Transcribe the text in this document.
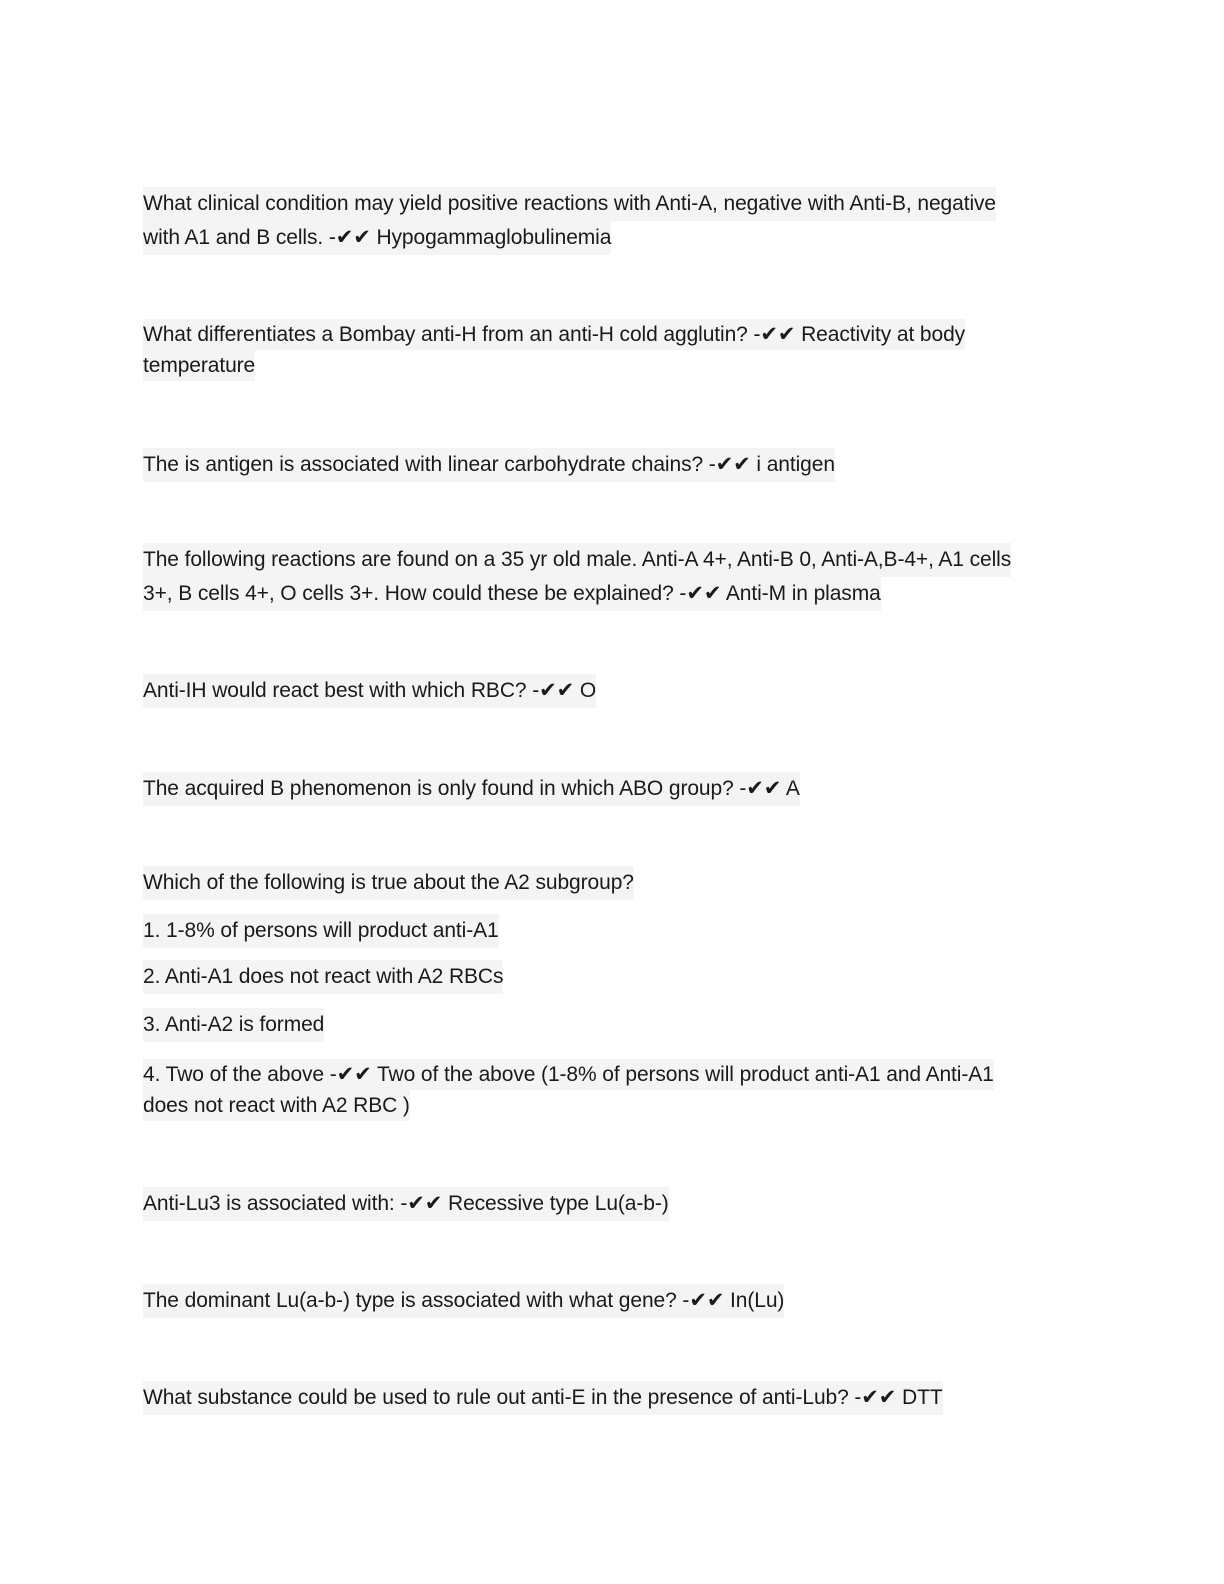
What clinical condition may yield positive reactions with Anti-A, negative with Anti-B, negative
with A1 and B cells. -✔✔ Hypogammaglobulinemia
What differentiates a Bombay anti-H from an anti-H cold agglutin? -✔✔ Reactivity at body
temperature
The is antigen is associated with linear carbohydrate chains? -✔✔ i antigen
The following reactions are found on a 35 yr old male. Anti-A 4+, Anti-B 0, Anti-A,B-4+, A1 cells
3+, B cells 4+, O cells 3+. How could these be explained? -✔✔ Anti-M in plasma
Anti-IH would react best with which RBC? -✔✔ O
The acquired B phenomenon is only found in which ABO group? -✔✔ A
Which of the following is true about the A2 subgroup?
1. 1-8% of persons will product anti-A1
2. Anti-A1 does not react with A2 RBCs
3. Anti-A2 is formed
4. Two of the above -✔✔ Two of the above (1-8% of persons will product anti-A1 and Anti-A1
does not react with A2 RBC )
Anti-Lu3 is associated with: -✔✔ Recessive type Lu(a-b-)
The dominant Lu(a-b-) type is associated with what gene? -✔✔ In(Lu)
What substance could be used to rule out anti-E in the presence of anti-Lub? -✔✔ DTT
